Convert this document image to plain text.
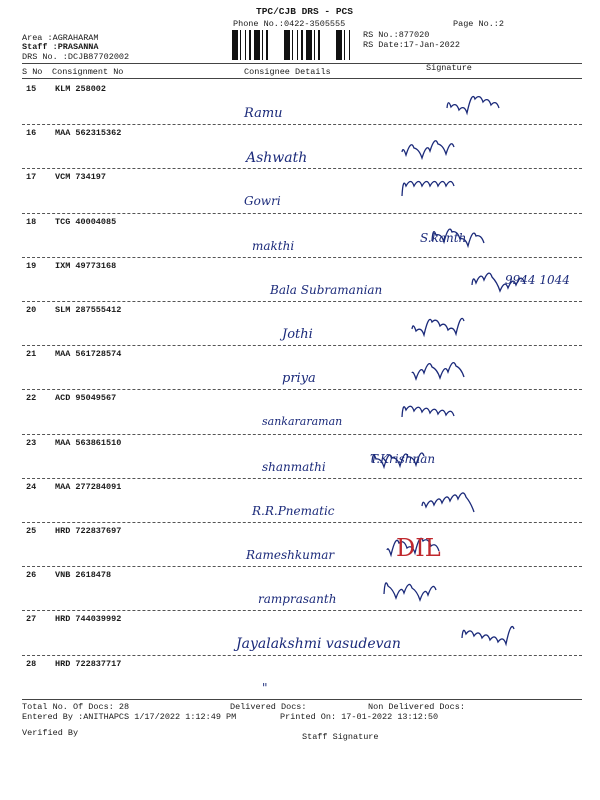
TPC/CJB DRS - PCS
Phone No.:0422-3505555	Page No.:2
Area :AGRAHARAM
Staff :PRASANNA
DRS No. :DCJB87702002
RS No.:877020
RS Date:17-Jan-2022
S No Consignment No	Consignee Details	Signature
15 KLM 258002
Ramu
16 MAA 562315362
Ashwath
17 VCM 734197
Gowri
18 TCG 40004085
makthi
S.kanth
19 IXM 49773168
Bala Subramanian
9944 1044
20 SLM 287555412
Jothi
21 MAA 561728574
priya
22 ACD 95049567
sankararaman
23 MAA 563861510
shanmathi
T.Krishnan
24 MAA 277284091
R.R.Pnematic
25 HRD 722837697
Rameshkumar	DIL
26 VNB 2618478
ramprasanth
27 HRD 744039992
Jayalakshmi vasudevan
28 HRD 722837717
"
Total No. Of Docs: 28	Delivered Docs:	Non Delivered Docs:
Entered By :ANITHAPCS 1/17/2022 1:12:49 PM	Printed On: 17-01-2022 13:12:50
Verified By	Staff Signature
